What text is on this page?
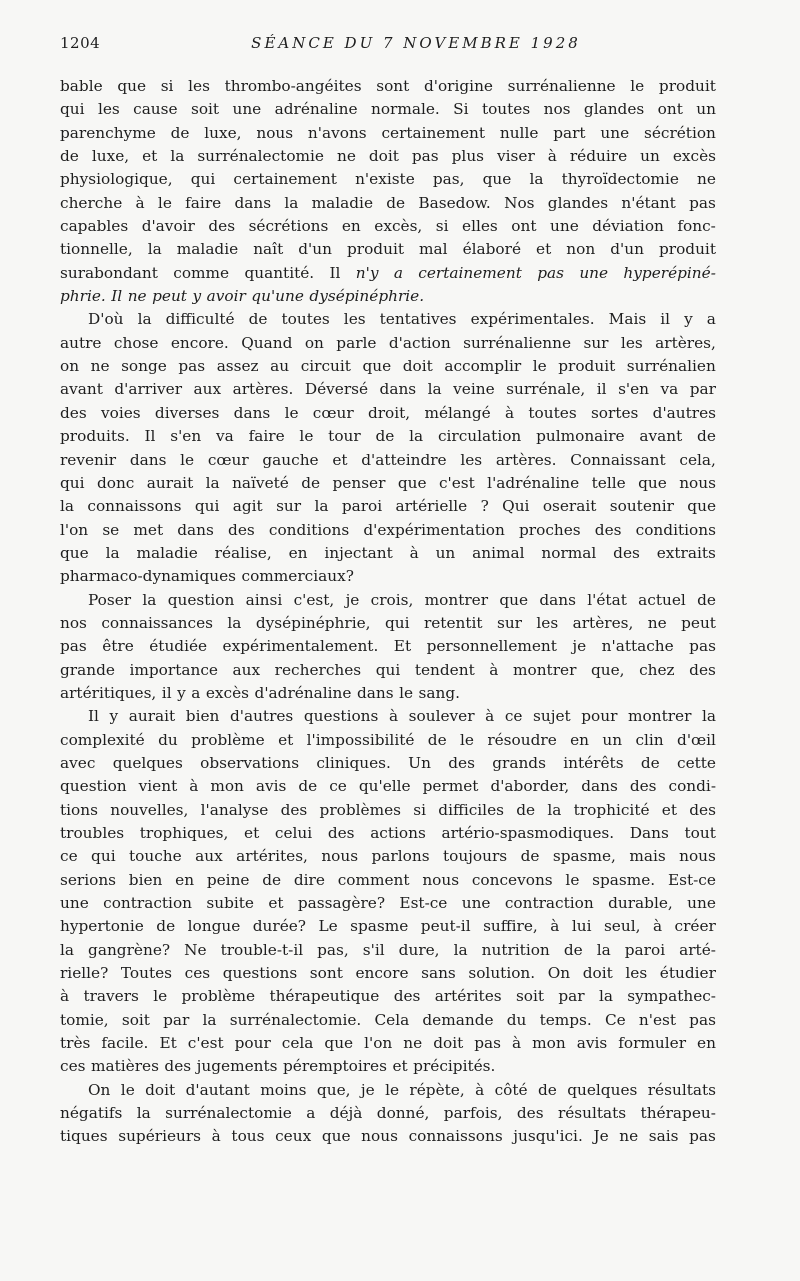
1204	SÉANCE DU 7 NOVEMBRE 1928
bable que si les thrombo-angéites sont d'origine surrénalienne le produit
qui les cause soit une adrénaline normale. Si toutes nos glandes ont un
parenchyme de luxe, nous n'avons certainement nulle part une sécrétion
de luxe, et la surrénalectomie ne doit pas plus viser à réduire un excès
physiologique, qui certainement n'existe pas, que la thyroïdectomie ne
cherche à le faire dans la maladie de Basedow. Nos glandes n'étant pas
capables d'avoir des sécrétions en excès, si elles ont une déviation fonc-
tionnelle, la maladie naît d'un produit mal élaboré et non d'un produit
surabondant comme quantité. Il n'y a certainement pas une hyperépiné-
phrie. Il ne peut y avoir qu'une dysépinéphrie.
D'où la difficulté de toutes les tentatives expérimentales. Mais il y a
autre chose encore. Quand on parle d'action surrénalienne sur les artères,
on ne songe pas assez au circuit que doit accomplir le produit surrénalien
avant d'arriver aux artères. Déversé dans la veine surrénale, il s'en va par
des voies diverses dans le cœur droit, mélangé à toutes sortes d'autres
produits. Il s'en va faire le tour de la circulation pulmonaire avant de
revenir dans le cœur gauche et d'atteindre les artères. Connaissant cela,
qui donc aurait la naïveté de penser que c'est l'adrénaline telle que nous
la connaissons qui agit sur la paroi artérielle ? Qui oserait soutenir que
l'on se met dans des conditions d'expérimentation proches des conditions
que la maladie réalise, en injectant à un animal normal des extraits
pharmaco-dynamiques commerciaux?
Poser la question ainsi c'est, je crois, montrer que dans l'état actuel de
nos connaissances la dysépinéphrie, qui retentit sur les artères, ne peut
pas être étudiée expérimentalement. Et personnellement je n'attache pas
grande importance aux recherches qui tendent à montrer que, chez des
artéritiques, il y a excès d'adrénaline dans le sang.
Il y aurait bien d'autres questions à soulever à ce sujet pour montrer la
complexité du problème et l'impossibilité de le résoudre en un clin d'œil
avec quelques observations cliniques. Un des grands intérêts de cette
question vient à mon avis de ce qu'elle permet d'aborder, dans des condi-
tions nouvelles, l'analyse des problèmes si difficiles de la trophicité et des
troubles trophiques, et celui des actions artério-spasmodiques. Dans tout
ce qui touche aux artérites, nous parlons toujours de spasme, mais nous
serions bien en peine de dire comment nous concevons le spasme. Est-ce
une contraction subite et passagère? Est-ce une contraction durable, une
hypertonie de longue durée? Le spasme peut-il suffire, à lui seul, à créer
la gangrène? Ne trouble-t-il pas, s'il dure, la nutrition de la paroi arté-
rielle? Toutes ces questions sont encore sans solution. On doit les étudier
à travers le problème thérapeutique des artérites soit par la sympathec-
tomie, soit par la surrénalectomie. Cela demande du temps. Ce n'est pas
très facile. Et c'est pour cela que l'on ne doit pas à mon avis formuler en
ces matières des jugements péremptoires et précipités.
On le doit d'autant moins que, je le répète, à côté de quelques résultats
négatifs la surrénalectomie a déjà donné, parfois, des résultats thérapeu-
tiques supérieurs à tous ceux que nous connaissons jusqu'ici. Je ne sais pas
